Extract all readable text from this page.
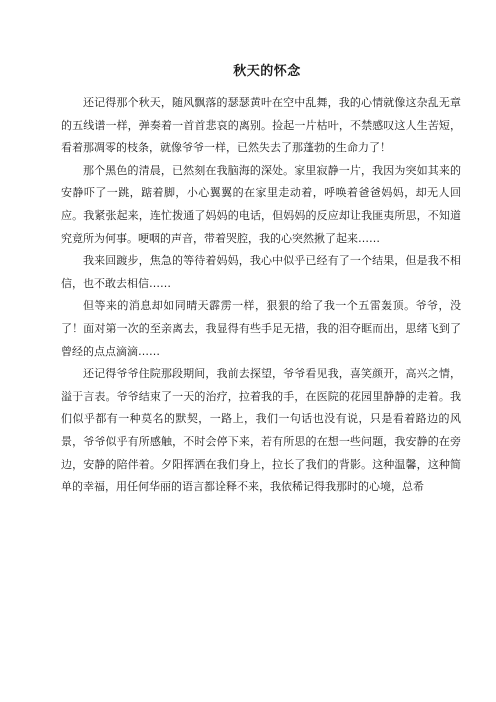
秋天的怀念

还记得那个秋天，随风飘落的瑟瑟黄叶在空中乱舞，我的心情就像这杂乱无章的五线谱一样，弹奏着一首首悲哀的离别。捡起一片枯叶，不禁感叹这人生苦短，看着那凋零的枝条，就像爷爷一样，已然失去了那蓬勃的生命力了！

那个黑色的清晨，已然刻在我脑海的深处。家里寂静一片，我因为突如其来的安静吓了一跳，踮着脚，小心翼翼的在家里走动着，呼唤着爸爸妈妈，却无人回应。我紧张起来，连忙拨通了妈妈的电话，但妈妈的反应却让我匪夷所思，不知道究竟所为何事。哽咽的声音，带着哭腔，我的心突然揪了起来……

我来回踱步，焦急的等待着妈妈，我心中似乎已经有了一个结果，但是我不相信，也不敢去相信……

但等来的消息却如同晴天霹雳一样，狠狠的给了我一个五雷轰顶。爷爷，没了！面对第一次的至亲离去，我显得有些手足无措，我的泪夺眶而出，思绪飞到了曾经的点点滴滴……

还记得爷爷住院那段期间，我前去探望，爷爷看见我，喜笑颜开，高兴之情，溢于言表。爷爷结束了一天的治疗，拉着我的手，在医院的花园里静静的走着。我们似乎都有一种莫名的默契，一路上，我们一句话也没有说，只是看着路边的风景，爷爷似乎有所感触，不时会停下来，若有所思的在想一些问题，我安静的在旁边，安静的陪伴着。夕阳挥洒在我们身上，拉长了我们的背影。这种温馨，这种简单的幸福，用任何华丽的语言都诠释不来，我依稀记得我那时的心境，总希
